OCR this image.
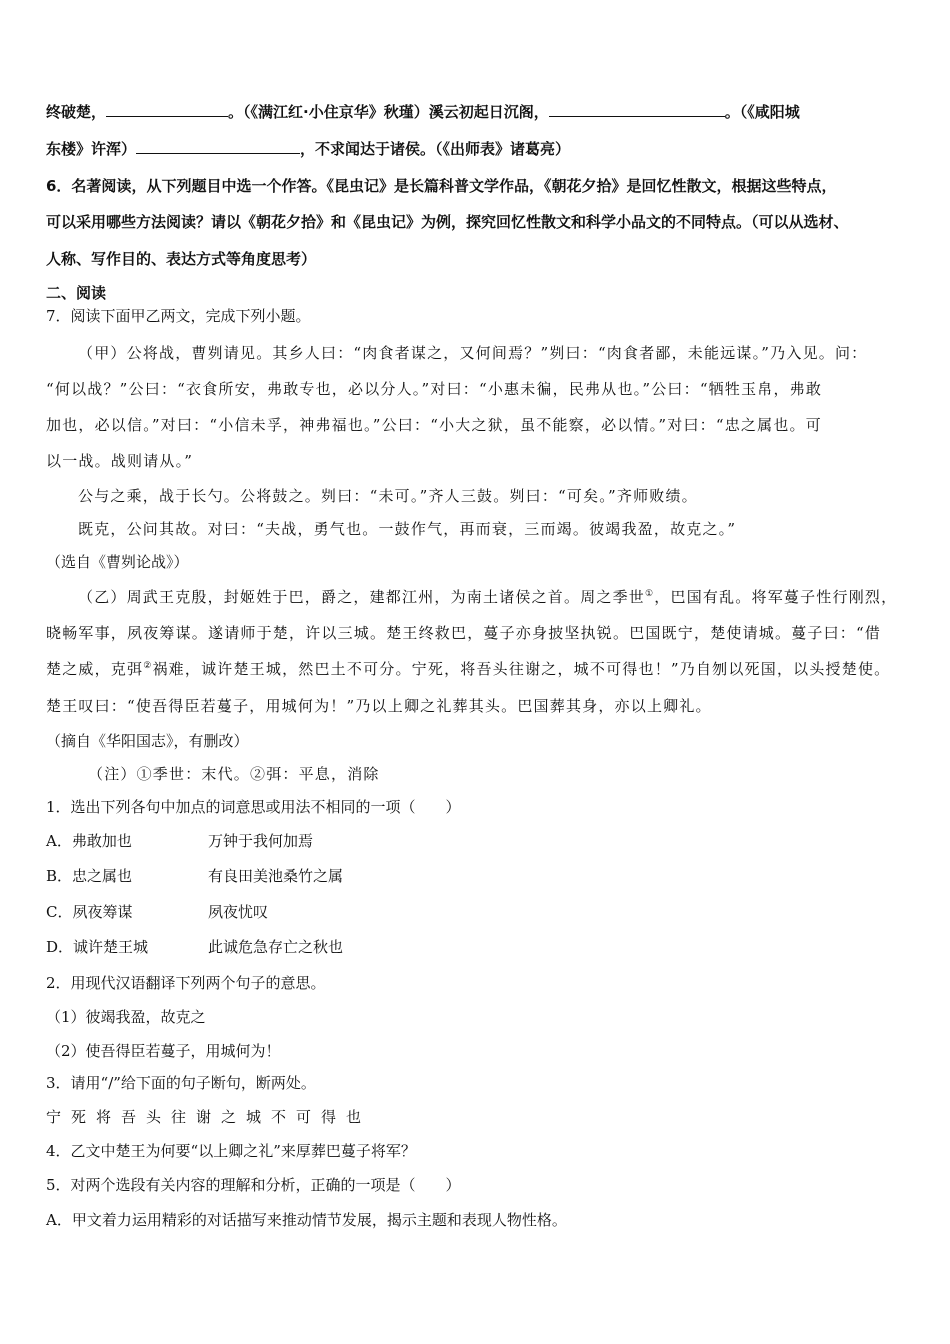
终破楚，	。（《满江红·小住京华》秋瑾）溪云初起日沉阁，	。（《咸阳城
东楼》许浑）	，不求闻达于诸侯。（《出师表》诸葛亮）
6．名著阅读，从下列题目中选一个作答。《昆虫记》是长篇科普文学作品，《朝花夕拾》是回忆性散文，根据这些特点，
可以采用哪些方法阅读？请以《朝花夕拾》和《昆虫记》为例，探究回忆性散文和科学小品文的不同特点。（可以从选材、
人称、写作目的、表达方式等角度思考）
二、阅读
7．阅读下面甲乙两文，完成下列小题。
（甲）公将战，曹刿请见。其乡人曰：“肉食者谋之，又何间焉？”刿曰：“肉食者鄙，未能远谋。”乃入见。问：
“何以战？”公曰：“衣食所安，弗敢专也，必以分人。”对曰：“小惠未徧，民弗从也。”公曰：“牺牲玉帛，弗敢
加也，必以信。”对曰：“小信未孚，神弗福也。”公曰：“小大之狱，虽不能察，必以情。”对曰：“忠之属也。可
以一战。战则请从。”
公与之乘，战于长勺。公将鼓之。刿曰：“未可。”齐人三鼓。刿曰：“可矣。”齐师败绩。
既克，公问其故。对曰：“夫战，勇气也。一鼓作气，再而衰，三而竭。彼竭我盈，故克之。”
（选自《曹刿论战》）
（乙）周武王克殷，封姬姓于巴，爵之，建都江州，为南土诸侯之首。周之季世①，巴国有乱。将军蔓子性行刚烈，
晓畅军事，夙夜筹谋。遂请师于楚，许以三城。楚王终救巴，蔓子亦身披坚执锐。巴国既宁，楚使请城。蔓子曰：“借
楚之威，克弭②祸难，诚许楚王城，然巴土不可分。宁死，将吾头往谢之，城不可得也！”乃自刎以死国，以头授楚使。
楚王叹曰：“使吾得臣若蔓子，用城何为！”乃以上卿之礼葬其头。巴国葬其身，亦以上卿礼。
（摘自《华阳国志》，有删改）
（注）①季世：末代。②弭：平息，消除
1．选出下列各句中加点的词意思或用法不相同的一项（　　）
A．弗敢加也	万钟于我何加焉
B．忠之属也	有良田美池桑竹之属
C．夙夜筹谋	夙夜忧叹
D．诚许楚王城	此诚危急存亡之秋也
2．用现代汉语翻译下列两个句子的意思。
（1）彼竭我盈，故克之
（2）使吾得臣若蔓子，用城何为！
3．请用“/”给下面的句子断句，断两处。
宁死将吾头往谢之城不可得也
4．乙文中楚王为何要“以上卿之礼”来厚葬巴蔓子将军？
5．对两个选段有关内容的理解和分析，正确的一项是（　　）
A．甲文着力运用精彩的对话描写来推动情节发展，揭示主题和表现人物性格。
